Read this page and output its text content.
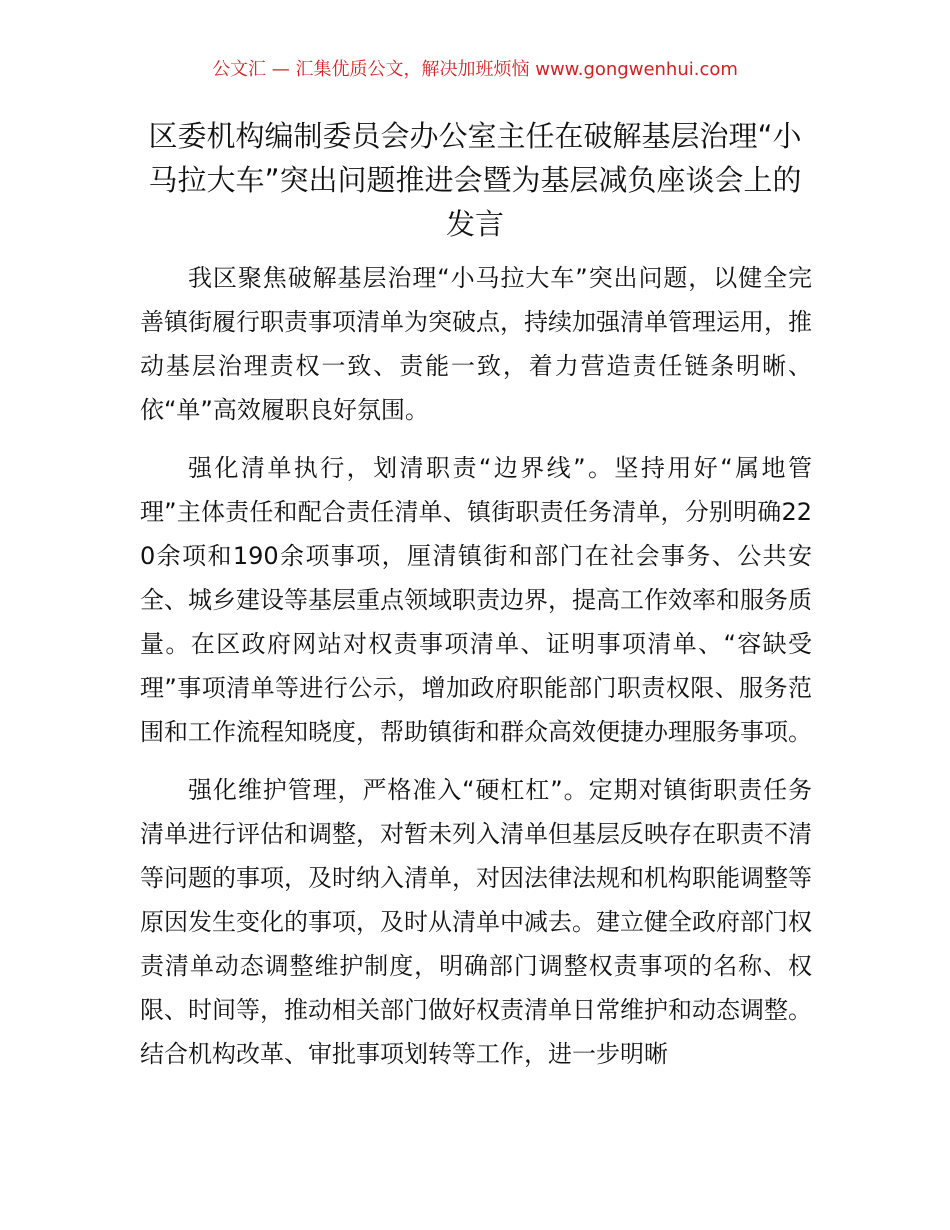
公文汇 — 汇集优质公文，解决加班烦恼 www.gongwenhui.com
区委机构编制委员会办公室主任在破解基层治理“小马拉大车”突出问题推进会暨为基层减负座谈会上的发言

我区聚焦破解基层治理“小马拉大车”突出问题，以健全完善镇街履行职责事项清单为突破点，持续加强清单管理运用，推动基层治理责权一致、责能一致，着力营造责任链条明晰、依“单”高效履职良好氛围。

强化清单执行，划清职责“边界线”。坚持用好“属地管理”主体责任和配合责任清单、镇街职责任务清单，分别明确220余项和190余项事项，厘清镇街和部门在社会事务、公共安全、城乡建设等基层重点领域职责边界，提高工作效率和服务质量。在区政府网站对权责事项清单、证明事项清单、“容缺受理”事项清单等进行公示，增加政府职能部门职责权限、服务范围和工作流程知晓度，帮助镇街和群众高效便捷办理服务事项。

强化维护管理，严格准入“硬杠杠”。定期对镇街职责任务清单进行评估和调整，对暂未列入清单但基层反映存在职责不清等问题的事项，及时纳入清单，对因法律法规和机构职能调整等原因发生变化的事项，及时从清单中减去。建立健全政府部门权责清单动态调整维护制度，明确部门调整权责事项的名称、权限、时间等，推动相关部门做好权责清单日常维护和动态调整。结合机构改革、审批事项划转等工作，进一步明晰
